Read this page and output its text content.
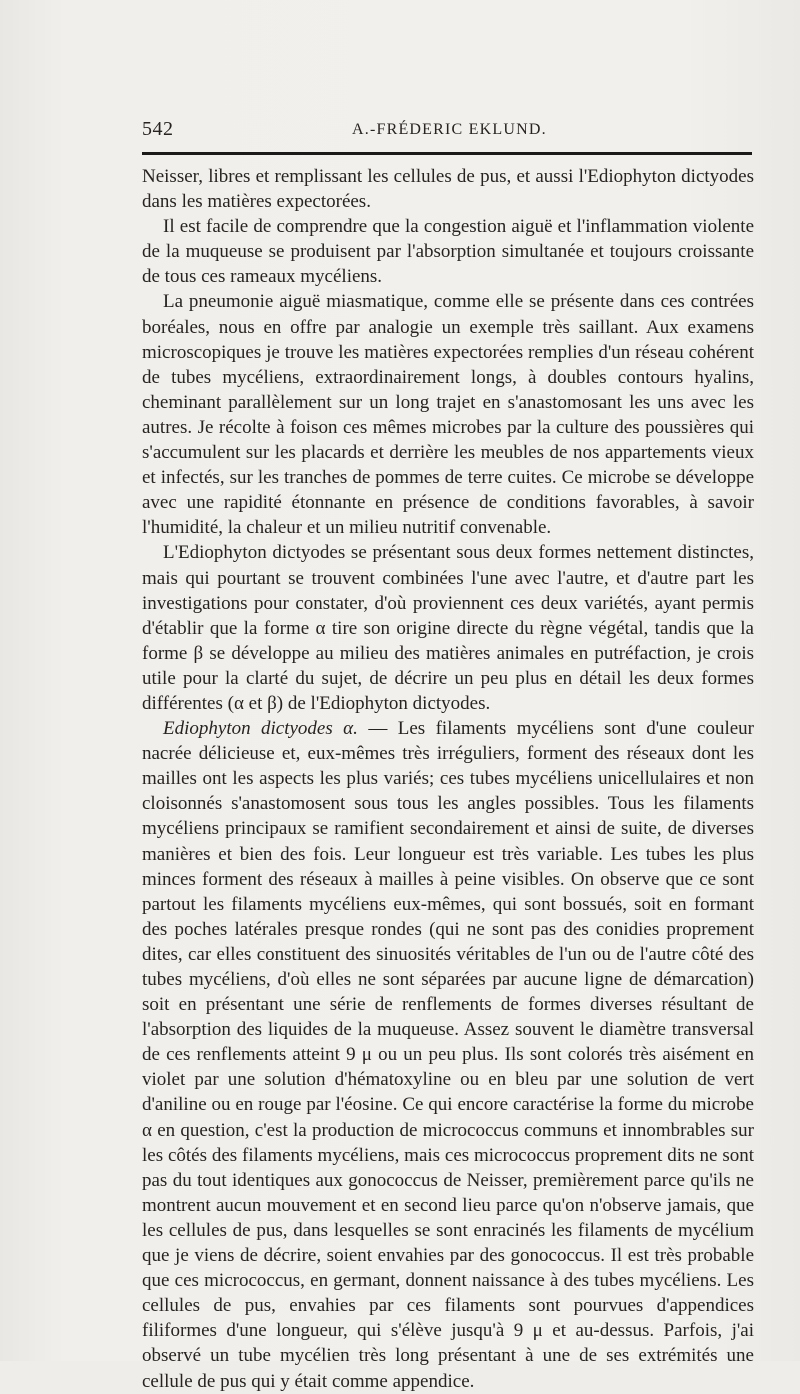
542	A.-FRÉDERIC EKLUND.

Neisser, libres et remplissant les cellules de pus, et aussi l'Ediophyton dictyodes dans les matières expectorées.

Il est facile de comprendre que la congestion aiguë et l'inflammation violente de la muqueuse se produisent par l'absorption simultanée et toujours croissante de tous ces rameaux mycéliens.

La pneumonie aiguë miasmatique, comme elle se présente dans ces contrées boréales, nous en offre par analogie un exemple très saillant. Aux examens microscopiques je trouve les matières expectorées remplies d'un réseau cohérent de tubes mycéliens, extraordinairement longs, à doubles contours hyalins, cheminant parallèlement sur un long trajet en s'anastomosant les uns avec les autres. Je récolte à foison ces mêmes microbes par la culture des poussières qui s'accumulent sur les placards et derrière les meubles de nos appartements vieux et infectés, sur les tranches de pommes de terre cuites. Ce microbe se développe avec une rapidité étonnante en présence de conditions favorables, à savoir l'humidité, la chaleur et un milieu nutritif convenable.

L'Ediophyton dictyodes se présentant sous deux formes nettement distinctes, mais qui pourtant se trouvent combinées l'une avec l'autre, et d'autre part les investigations pour constater, d'où proviennent ces deux variétés, ayant permis d'établir que la forme α tire son origine directe du règne végétal, tandis que la forme β se développe au milieu des matières animales en putréfaction, je crois utile pour la clarté du sujet, de décrire un peu plus en détail les deux formes différentes (α et β) de l'Ediophyton dictyodes.

Ediophyton dictyodes α. — Les filaments mycéliens sont d'une couleur nacrée délicieuse et, eux-mêmes très irréguliers, forment des réseaux dont les mailles ont les aspects les plus variés; ces tubes mycéliens unicellulaires et non cloisonnés s'anastomosent sous tous les angles possibles. Tous les filaments mycéliens principaux se ramifient secondairement et ainsi de suite, de diverses manières et bien des fois. Leur longueur est très variable. Les tubes les plus minces forment des réseaux à mailles à peine visibles. On observe que ce sont partout les filaments mycéliens eux-mêmes, qui sont bossués, soit en formant des poches latérales presque rondes (qui ne sont pas des conidies proprement dites, car elles constituent des sinuosités véritables de l'un ou de l'autre côté des tubes mycéliens, d'où elles ne sont séparées par aucune ligne de démarcation) soit en présentant une série de renflements de formes diverses résultant de l'absorption des liquides de la muqueuse. Assez souvent le diamètre transversal de ces renflements atteint 9 μ ou un peu plus. Ils sont colorés très aisément en violet par une solution d'hématoxyline ou en bleu par une solution de vert d'aniline ou en rouge par l'éosine. Ce qui encore caractérise la forme du microbe α en question, c'est la production de micrococcus communs et innombrables sur les côtés des filaments mycéliens, mais ces micrococcus proprement dits ne sont pas du tout identiques aux gonococcus de Neisser, premièrement parce qu'ils ne montrent aucun mouvement et en second lieu parce qu'on n'observe jamais, que les cellules de pus, dans lesquelles se sont enracinés les filaments de mycélium que je viens de décrire, soient envahies par des gonococcus. Il est très probable que ces micrococcus, en germant, donnent naissance à des tubes mycéliens. Les cellules de pus, envahies par ces filaments sont pourvues d'appendices filiformes d'une longueur, qui s'élève jusqu'à 9 μ et au-dessus. Parfois, j'ai observé un tube mycélien très long présentant à une de ses extrémités une cellule de pus qui y était comme appendice.
